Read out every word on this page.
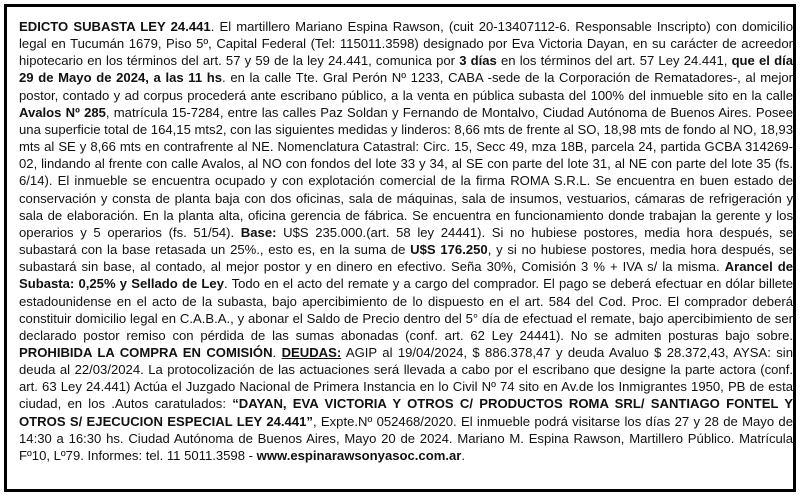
EDICTO SUBASTA LEY 24.441. El martillero Mariano Espina Rawson, (cuit 20-13407112-6. Responsable Inscripto) con domicilio legal en Tucumán 1679, Piso 5º, Capital Federal (Tel: 115011.3598) designado por Eva Victoria Dayan, en su carácter de acreedor hipotecario en los términos del art. 57 y 59 de la ley 24.441, comunica por 3 días en los términos del art. 57 Ley 24.441, que el día 29 de Mayo de 2024, a las 11 hs. en la calle Tte. Gral Perón Nº 1233, CABA -sede de la Corporación de Rematadores-, al mejor postor, contado y ad corpus procederá ante escribano público, a la venta en pública subasta del 100% del inmueble sito en la calle Avalos Nº 285, matrícula 15-7284, entre las calles Paz Soldan y Fernando de Montalvo, Ciudad Autónoma de Buenos Aires. Posee una superficie total de 164,15 mts2, con las siguientes medidas y linderos: 8,66 mts de frente al SO, 18,98 mts de fondo al NO, 18,93 mts al SE y 8,66 mts en contrafrente al NE. Nomenclatura Catastral: Circ. 15, Secc 49, mza 18B, parcela 24, partida GCBA 314269-02, lindando al frente con calle Avalos, al NO con fondos del lote 33 y 34, al SE con parte del lote 31, al NE con parte del lote 35 (fs. 6/14). El inmueble se encuentra ocupado y con explotación comercial de la firma ROMA S.R.L. Se encuentra en buen estado de conservación y consta de planta baja con dos oficinas, sala de máquinas, sala de insumos, vestuarios, cámaras de refrigeración y sala de elaboración. En la planta alta, oficina gerencia de fábrica. Se encuentra en funcionamiento donde trabajan la gerente y los operarios y 5 operarios (fs. 51/54). Base: U$S 235.000.(art. 58 ley 24441). Si no hubiese postores, media hora después, se subastará con la base retasada un 25%., esto es, en la suma de U$S 176.250, y si no hubiese postores, media hora después, se subastará sin base, al contado, al mejor postor y en dinero en efectivo. Seña 30%, Comisión 3 % + IVA s/ la misma. Arancel de Subasta: 0,25% y Sellado de Ley. Todo en el acto del remate y a cargo del comprador. El pago se deberá efectuar en dólar billete estadounidense en el acto de la subasta, bajo apercibimiento de lo dispuesto en el art. 584 del Cod. Proc. El comprador deberá constituir domicilio legal en C.A.B.A., y abonar el Saldo de Precio dentro del 5° día de efectuad el remate, bajo apercibimiento de ser declarado postor remiso con pérdida de las sumas abonadas (conf. art. 62 Ley 24441). No se admiten posturas bajo sobre. PROHIBIDA LA COMPRA EN COMISIÓN. DEUDAS: AGIP al 19/04/2024, $ 886.378,47 y deuda Avaluo $ 28.372,43, AYSA: sin deuda al 22/03/2024. La protocolización de las actuaciones será llevada a cabo por el escribano que designe la parte actora (conf. art. 63 Ley 24.441) Actúa el Juzgado Nacional de Primera Instancia en lo Civil Nº 74 sito en Av.de los Inmigrantes 1950, PB de esta ciudad, en los .Autos caratulados: “DAYAN, EVA VICTORIA Y OTROS C/ PRODUCTOS ROMA SRL/ SANTIAGO FONTEL Y OTROS S/ EJECUCION ESPECIAL LEY 24.441”, Expte.Nº 052468/2020. El inmueble podrá visitarse los días 27 y 28 de Mayo de 14:30 a 16:30 hs. Ciudad Autónoma de Buenos Aires, Mayo 20 de 2024. Mariano M. Espina Rawson, Martillero Público. Matrícula Fº10, Lº79. Informes: tel. 11 5011.3598 - www.espinarawsonyasoc.com.ar.
